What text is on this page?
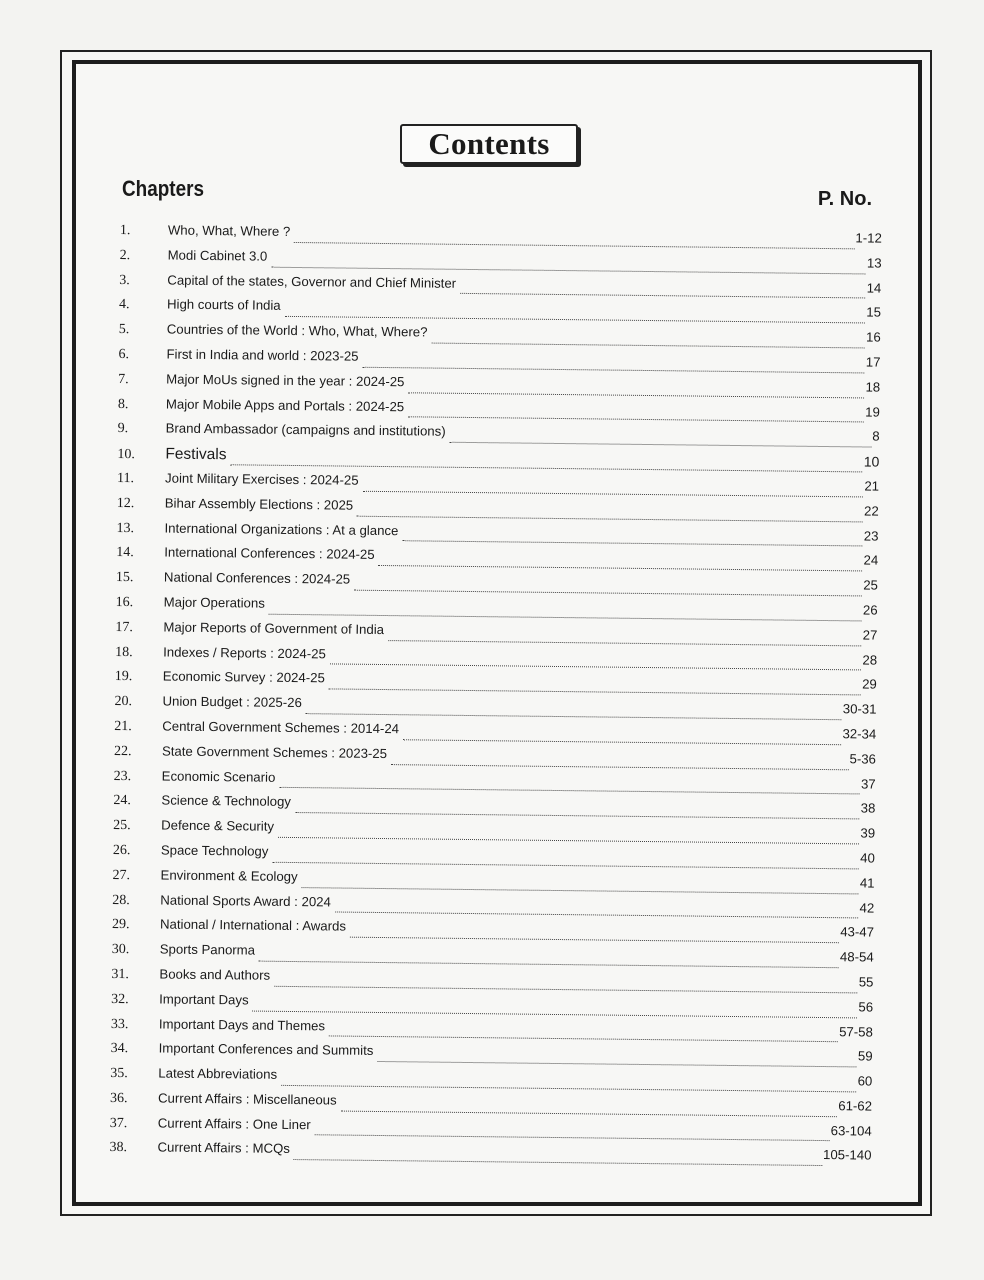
Contents
Chapters	P. No.
1.	Who, What, Where ?	1-12
2.	Modi Cabinet 3.0	13
3.	Capital of the states, Governor and Chief Minister	14
4.	High courts of India	15
5.	Countries of the World : Who, What, Where?	16
6.	First in India and world : 2023-25	17
7.	Major MoUs signed in the year : 2024-25	18
8.	Major Mobile Apps and Portals : 2024-25	19
9.	Brand Ambassador (campaigns and institutions)	8
10.	Festivals	10
11.	Joint Military Exercises : 2024-25	21
12.	Bihar Assembly Elections : 2025	22
13.	International Organizations : At a glance	23
14.	International Conferences : 2024-25	24
15.	National Conferences : 2024-25	25
16.	Major Operations	26
17.	Major Reports of Government of India	27
18.	Indexes / Reports : 2024-25	28
19.	Economic Survey : 2024-25	29
20.	Union Budget : 2025-26	30-31
21.	Central Government Schemes : 2014-24	32-34
22.	State Government Schemes : 2023-25	5-36
23.	Economic Scenario	37
24.	Science & Technology	38
25.	Defence & Security	39
26.	Space Technology	40
27.	Environment & Ecology	41
28.	National Sports Award : 2024	42
29.	National / International : Awards	43-47
30.	Sports Panorma	48-54
31.	Books and Authors	55
32.	Important Days	56
33.	Important Days and Themes	57-58
34.	Important Conferences and Summits	59
35.	Latest Abbreviations	60
36.	Current Affairs : Miscellaneous	61-62
37.	Current Affairs : One Liner	63-104
38.	Current Affairs : MCQs	105-140
